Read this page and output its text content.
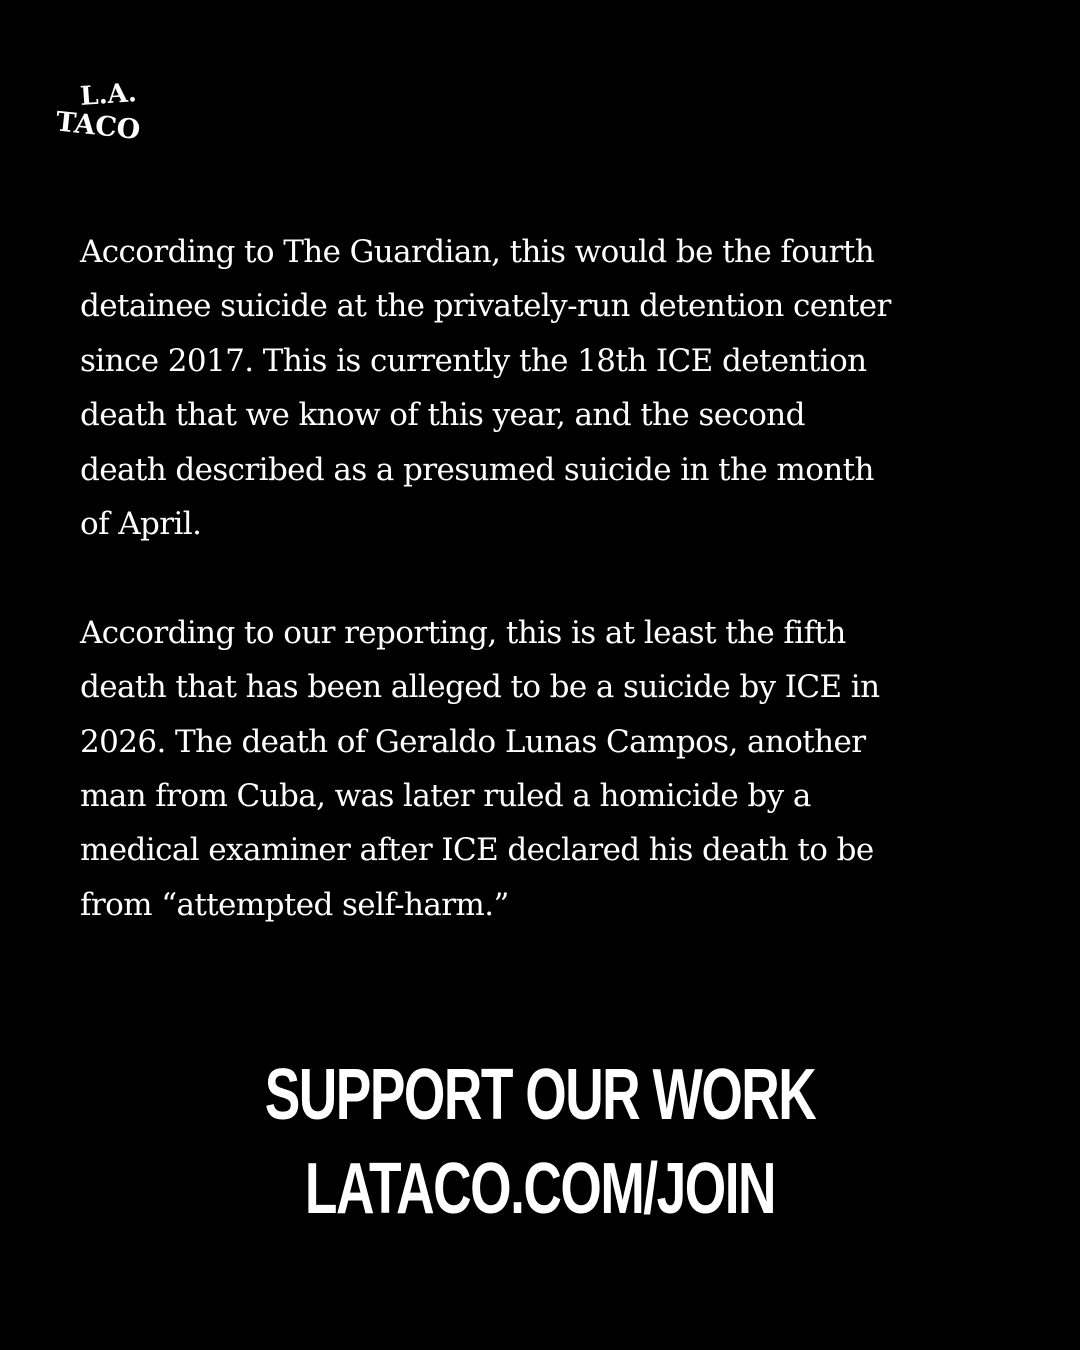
L.A.
TACO

According to The Guardian, this would be the fourth
detainee suicide at the privately-run detention center
since 2017. This is currently the 18th ICE detention
death that we know of this year, and the second
death described as a presumed suicide in the month
of April.

According to our reporting, this is at least the fifth
death that has been alleged to be a suicide by ICE in
2026. The death of Geraldo Lunas Campos, another
man from Cuba, was later ruled a homicide by a
medical examiner after ICE declared his death to be
from “attempted self-harm.”

SUPPORT OUR WORK
LATACO.COM/JOIN
